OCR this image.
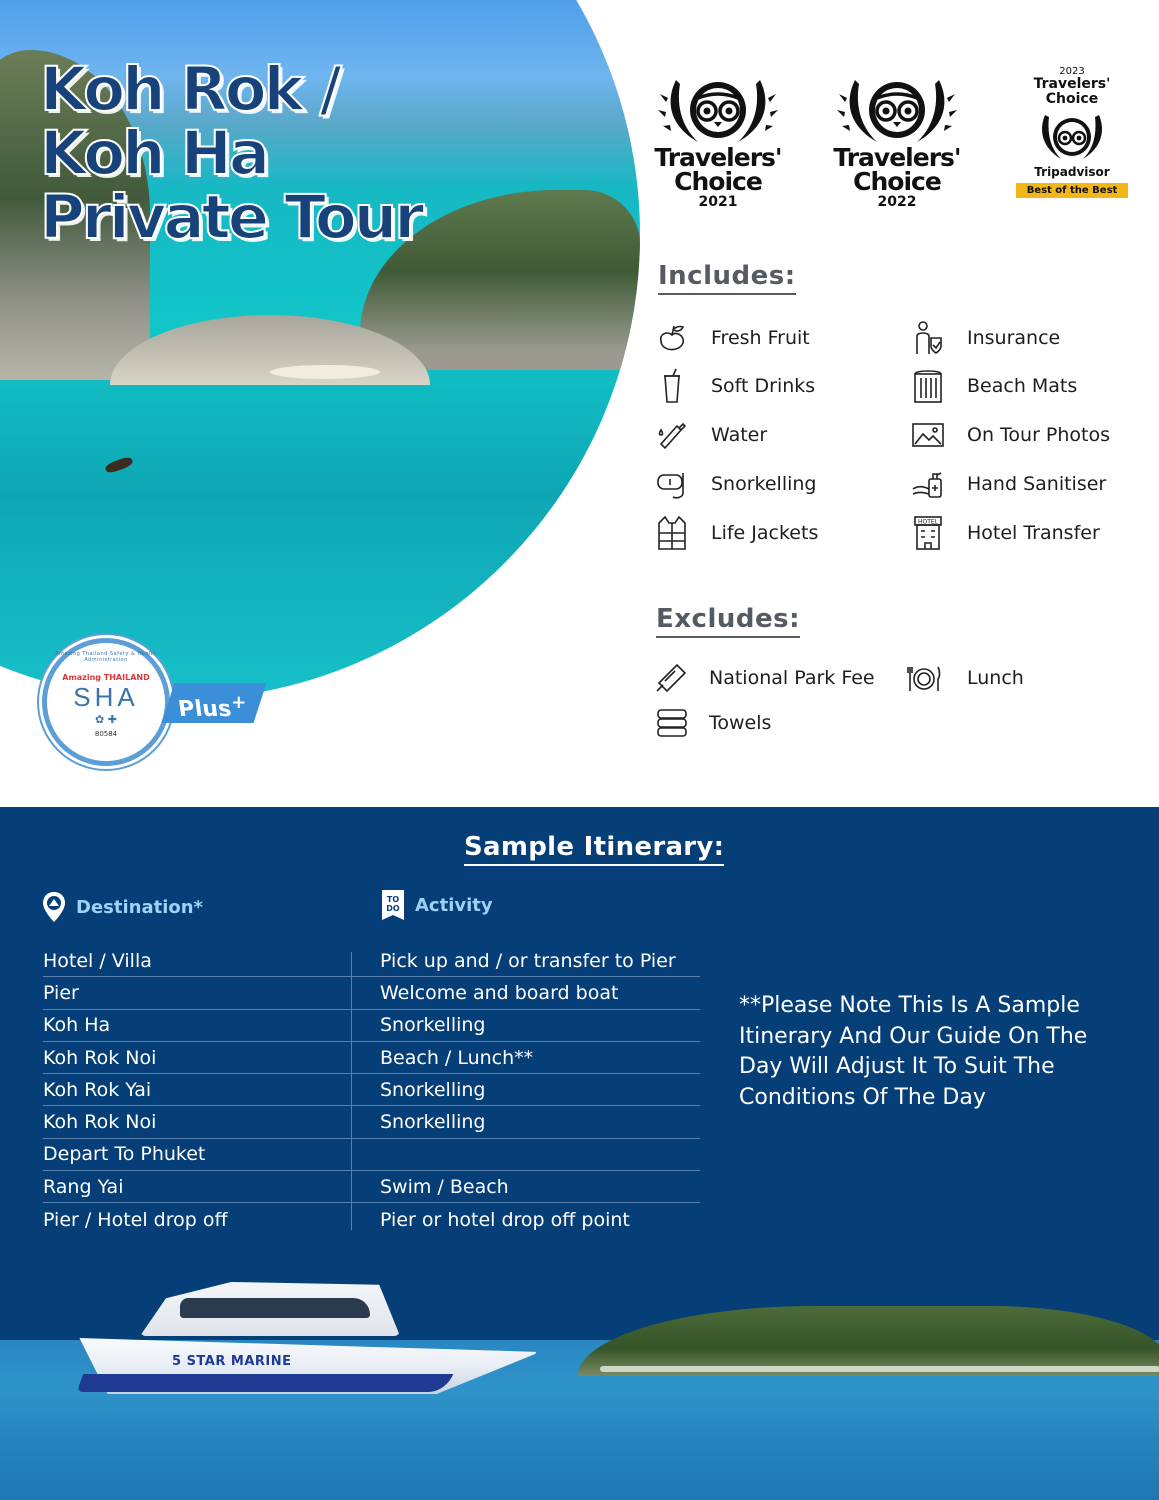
Koh Rok /
Koh Ha
Private Tour
Amazing Thailand Safety & Health Administration
Amazing THAILAND
SHA
✿ ✚
80584
Plus+
Travelers' Choice
2021
Travelers' Choice
2022
2023
Travelers' Choice
Tripadvisor
Best of the Best
Includes:
Fresh Fruit
Soft Drinks
Water
Snorkelling
Life Jackets
Insurance
Beach Mats
On Tour Photos
Hand Sanitiser
HOTEL Hotel Transfer
Excludes:
National Park Fee	Lunch
Towels
5 STAR MARINE
Sample Itinerary:
Destination*	TO
DO Activity
Hotel / Villa	Pick up and / or transfer to Pier
Pier	Welcome and board boat
Koh Ha	Snorkelling
Koh Rok Noi	Beach / Lunch**
Koh Rok Yai	Snorkelling
Koh Rok Noi	Snorkelling
Depart To Phuket
Rang Yai	Swim / Beach
Pier / Hotel drop off	Pier or hotel drop off point
**Please Note This Is A Sample Itinerary And Our Guide On The Day Will Adjust It To Suit The Conditions Of The Day
